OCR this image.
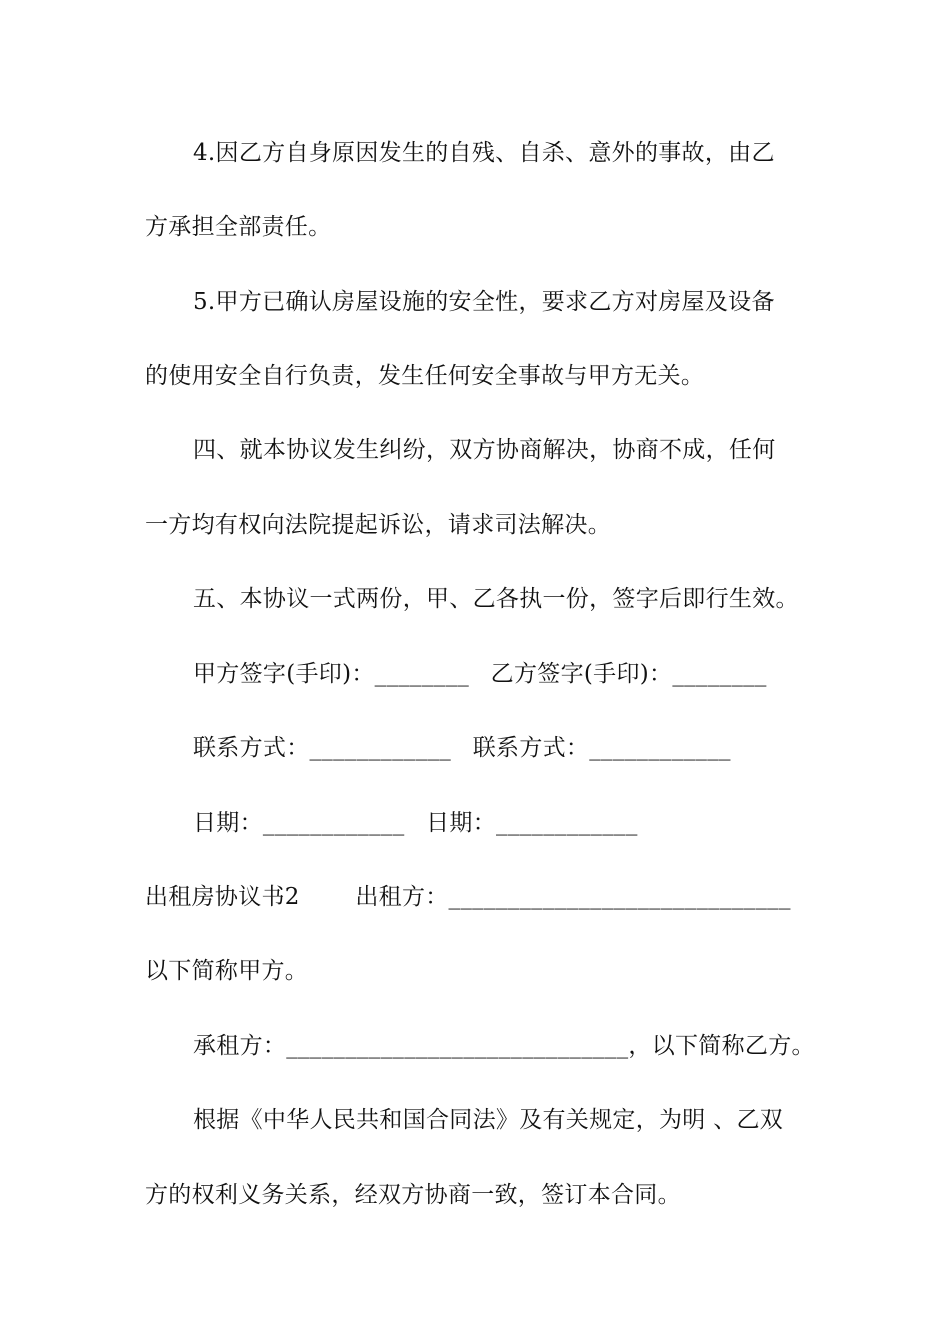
4.因乙方自身原因发生的自残、自杀、意外的事故，由乙
方承担全部责任。
5.甲方已确认房屋设施的安全性，要求乙方对房屋及设备
的使用安全自行负责，发生任何安全事故与甲方无关。
四、就本协议发生纠纷，双方协商解决，协商不成，任何
一方均有权向法院提起诉讼，请求司法解决。
五、本协议一式两份，甲、乙各执一份，签字后即行生效。
甲方签字(手印)：________ 乙方签字(手印)：________
联系方式：____________ 联系方式：____________
日期：____________ 日期：____________
出租房协议书2 出租方：_____________________________
以下简称甲方。
承租方：_____________________________，以下简称乙方。
根据《中华人民共和国合同法》及有关规定，为明 、乙双
方的权利义务关系，经双方协商一致，签订本合同。
